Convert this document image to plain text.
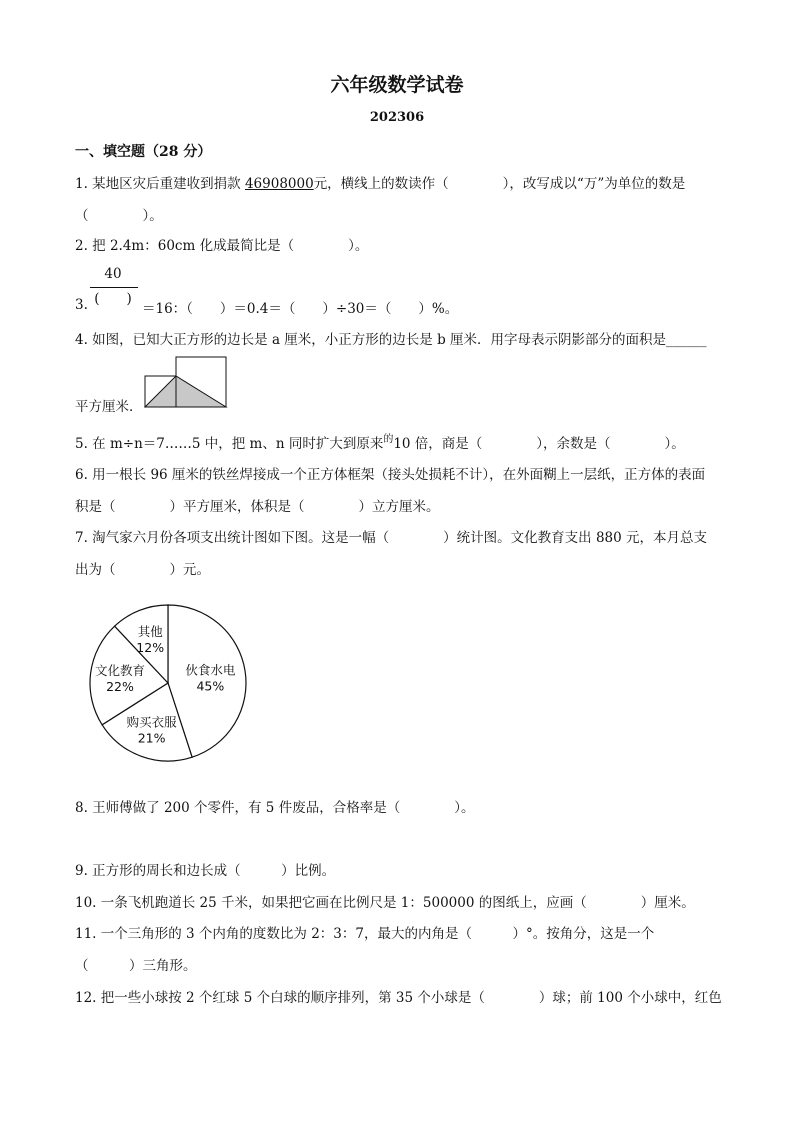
六年级数学试卷
202306
一、填空题（28 分）
1. 某地区灾后重建收到捐款 46908000元，横线上的数读作（　　　　），改写成以“万”为单位的数是
（　　　　）。
2. 把 2.4m：60cm 化成最简比是（　　　　）。
3.
40
(　　)
＝16：（　　）＝0.4＝（　　）÷30＝（　　）%。
4. 如图，已知大正方形的边长是 a 厘米，小正方形的边长是 b 厘米．用字母表示阴影部分的面积是______
平方厘米．
5. 在 m÷n＝7……5 中，把 m、n 同时扩大到原来$^的$10 倍，商是（　　　　），余数是（　　　　）。
6. 用一根长 96 厘米的铁丝焊接成一个正方体框架（接头处损耗不计），在外面糊上一层纸，正方体的表面
积是（　　　　）平方厘米，体积是（　　　　）立方厘米。
7. 淘气家六月份各项支出统计图如下图。这是一幅（　　　　）统计图。文化教育支出 880 元，本月总支
出为（　　　　）元。
伙食水电
45%
购买衣服
21%
文化教育
22%
其他
12%
8. 王师傅做了 200 个零件，有 5 件废品，合格率是（　　　　）。
9. 正方形的周长和边长成（　　　）比例。
10. 一条飞机跑道长 25 千米，如果把它画在比例尺是 1：500000 的图纸上，应画（　　　　）厘米。
11. 一个三角形的 3 个内角的度数比为 2：3：7，最大的内角是（　　　）°。按角分，这是一个
（　　　）三角形。
12. 把一些小球按 2 个红球 5 个白球的顺序排列，第 35 个小球是（　　　　）球；前 100 个小球中，红色
